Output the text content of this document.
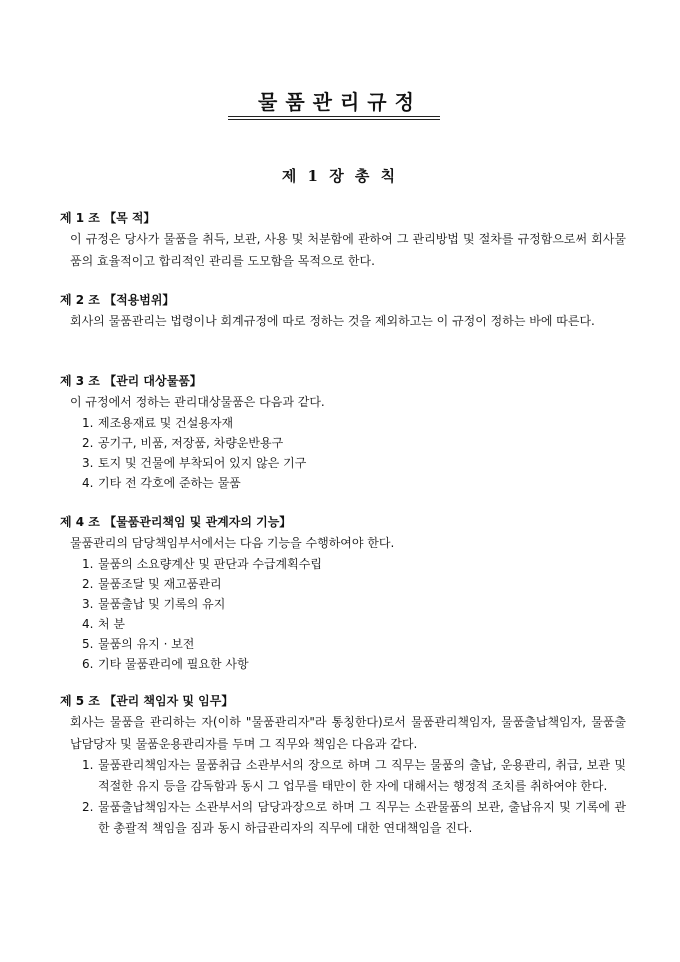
물품관리규정
제 1 장 총 칙

제 1 조 【목 적】

이 규정은 당사가 물품을 취득, 보관, 사용 및 처분함에 관하여 그 관리방법 및 절차를 규정함으로써 회사물품의 효율적이고 합리적인 관리를 도모함을 목적으로 한다.

제 2 조 【적용범위】

회사의 물품관리는 법령이나 회계규정에 따로 정하는 것을 제외하고는 이 규정이 정하는 바에 따른다.

제 3 조 【관리 대상물품】

이 규정에서 정하는 관리대상물품은 다음과 같다.

1. 제조용재료 및 건설용자재
2. 공기구, 비품, 저장품, 차량운반용구
3. 토지 및 건물에 부착되어 있지 않은 기구
4. 기타 전 각호에 준하는 물품

제 4 조 【물품관리책임 및 관계자의 기능】

물품관리의 담당책임부서에서는 다음 기능을 수행하여야 한다.

1. 물품의 소요량계산 및 판단과 수급계획수립
2. 물품조달 및 재고품관리
3. 물품출납 및 기록의 유지
4. 처 분
5. 물품의 유지 · 보전
6. 기타 물품관리에 필요한 사항

제 5 조 【관리 책임자 및 임무】

회사는 물품을 관리하는 자(이하 "물품관리자"라 통칭한다)로서 물품관리책임자, 물품출납책임자, 물품출납담당자 및 물품운용관리자를 두며 그 직무와 책임은 다음과 같다.

1. 물품관리책임자는 물품취급 소관부서의 장으로 하며 그 직무는 물품의 출납, 운용관리, 취급, 보관 및 적절한 유지 등을 감독함과 동시 그 업무를 태만이 한 자에 대해서는 행정적 조치를 취하여야 한다.
2. 물품출납책임자는 소관부서의 담당과장으로 하며 그 직무는 소관물품의 보관, 출납유지 및 기록에 관한 총괄적 책임을 짐과 동시 하급관리자의 직무에 대한 연대책임을 진다.
